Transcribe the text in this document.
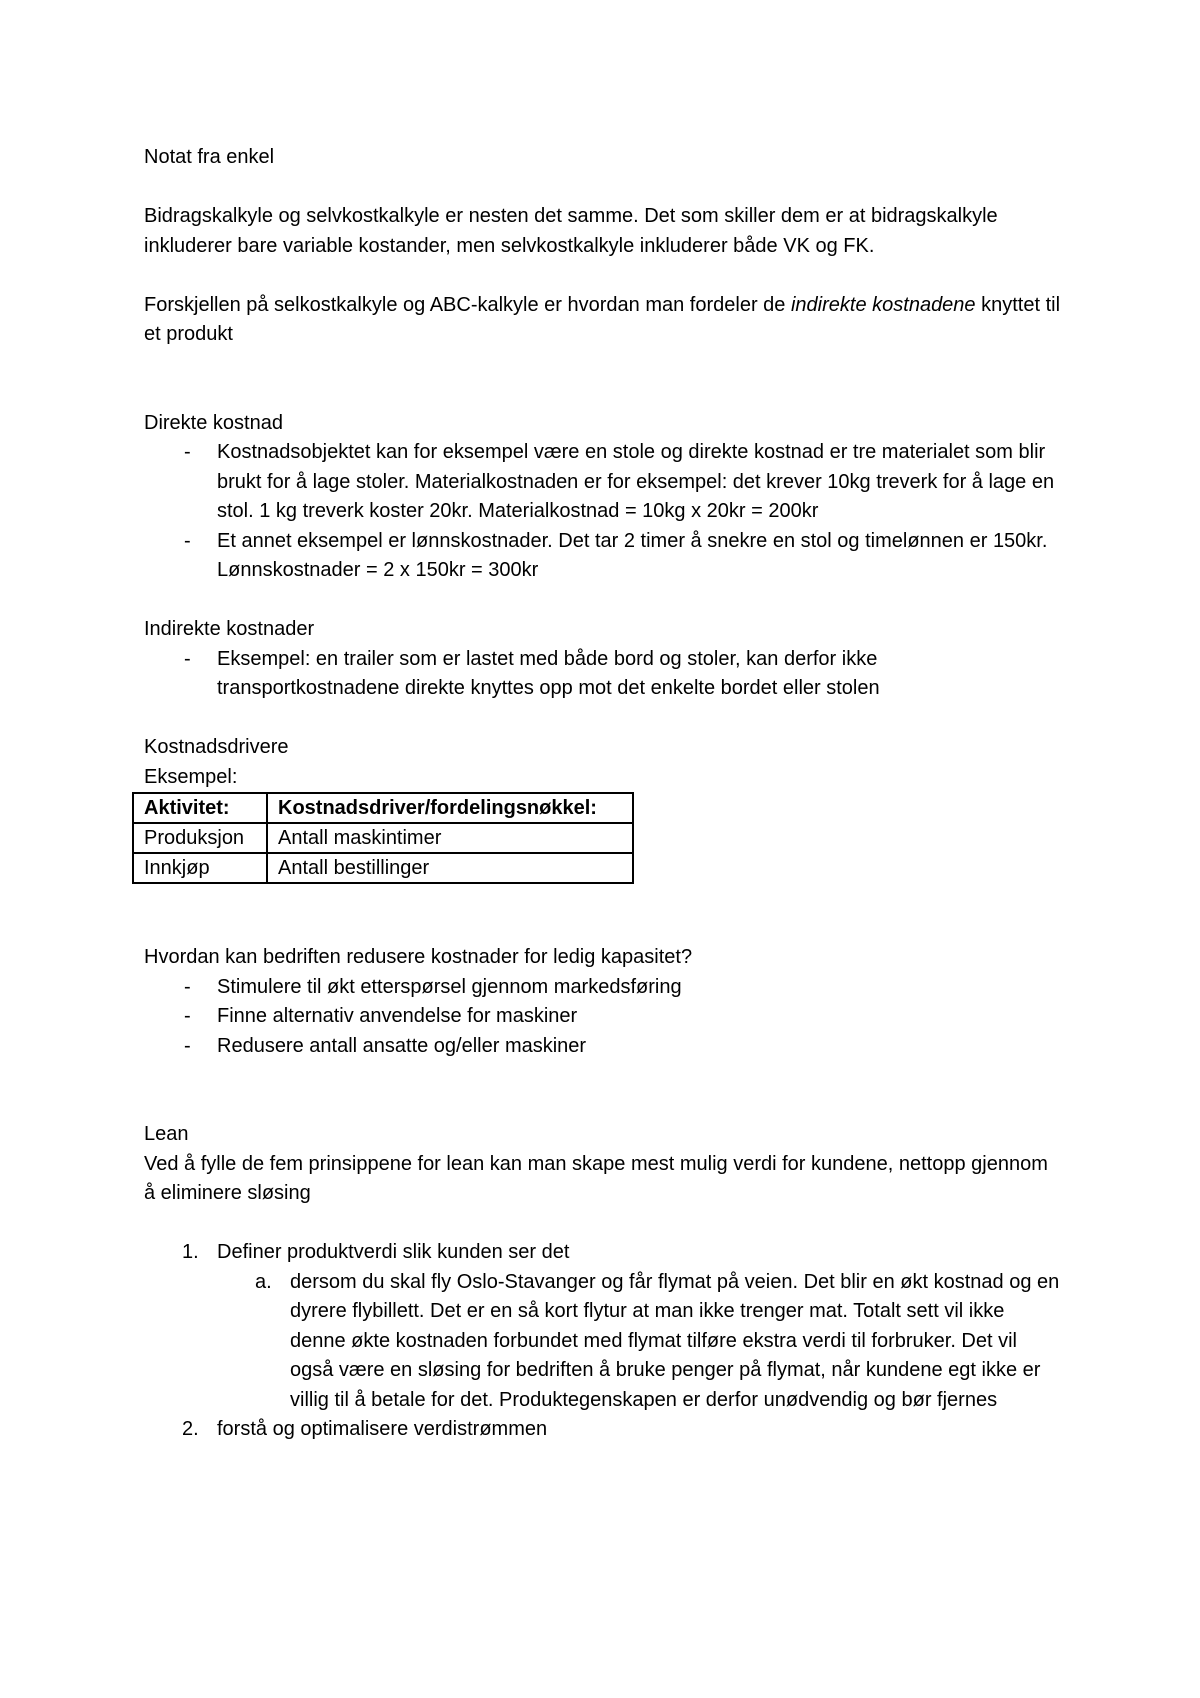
Notat fra enkel

Bidragskalkyle og selvkostkalkyle er nesten det samme. Det som skiller dem er at bidragskalkyle inkluderer bare variable kostander, men selvkostkalkyle inkluderer både VK og FK.

Forskjellen på selkostkalkyle og ABC-kalkyle er hvordan man fordeler de indirekte kostnadene knyttet til et produkt

Direkte kostnad

- Kostnadsobjektet kan for eksempel være en stole og direkte kostnad er tre materialet som blir brukt for å lage stoler. Materialkostnaden er for eksempel: det krever 10kg treverk for å lage en stol. 1 kg treverk koster 20kr. Materialkostnad = 10kg x 20kr = 200kr
- Et annet eksempel er lønnskostnader. Det tar 2 timer å snekre en stol og timelønnen er 150kr. Lønnskostnader = 2 x 150kr = 300kr

Indirekte kostnader

- Eksempel: en trailer som er lastet med både bord og stoler, kan derfor ikke transportkostnadene direkte knyttes opp mot det enkelte bordet eller stolen

Kostnadsdrivere

Eksempel:

Aktivitet:	Kostnadsdriver/fordelingsnøkkel:
Produksjon	Antall maskintimer
Innkjøp	Antall bestillinger

Hvordan kan bedriften redusere kostnader for ledig kapasitet?

- Stimulere til økt etterspørsel gjennom markedsføring
- Finne alternativ anvendelse for maskiner
- Redusere antall ansatte og/eller maskiner

Lean

Ved å fylle de fem prinsippene for lean kan man skape mest mulig verdi for kundene, nettopp gjennom å eliminere sløsing

1. Definer produktverdi slik kunden ser det
a. dersom du skal fly Oslo-Stavanger og får flymat på veien. Det blir en økt kostnad og en dyrere flybillett. Det er en så kort flytur at man ikke trenger mat. Totalt sett vil ikke denne økte kostnaden forbundet med flymat tilføre ekstra verdi til forbruker. Det vil også være en sløsing for bedriften å bruke penger på flymat, når kundene egt ikke er villig til å betale for det. Produktegenskapen er derfor unødvendig og bør fjernes
2. forstå og optimalisere verdistrømmen
